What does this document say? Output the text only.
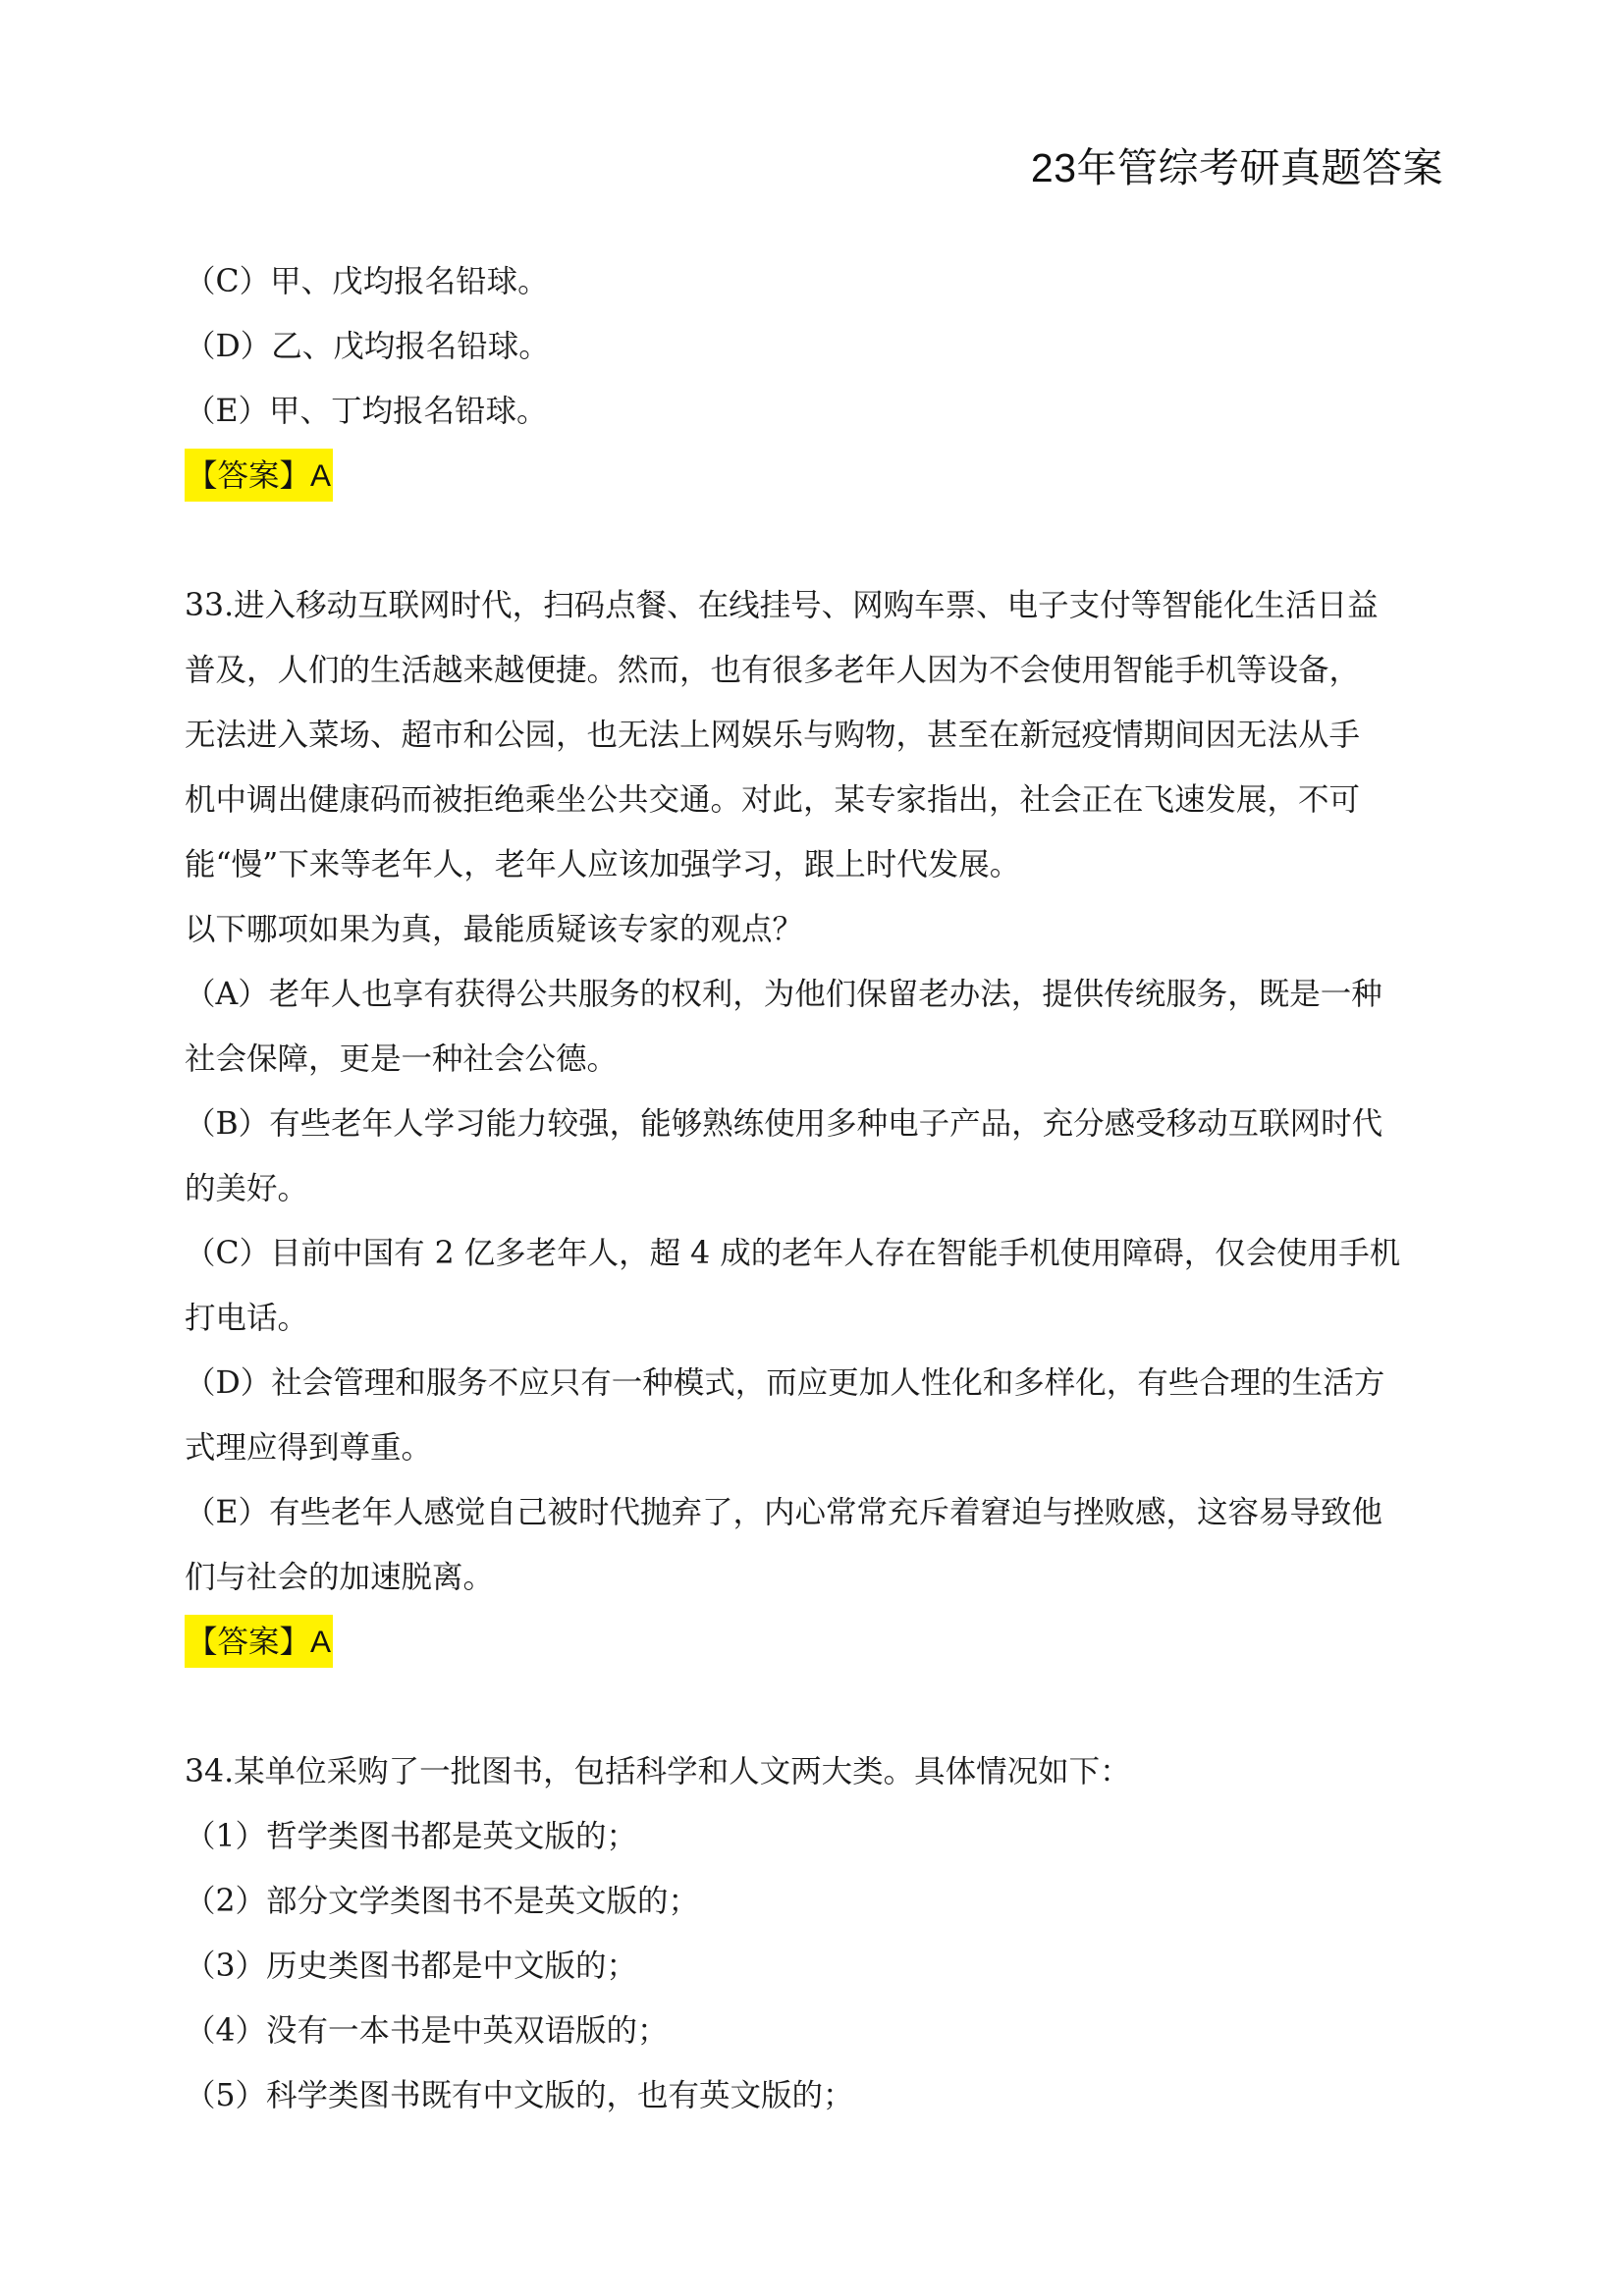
23年管综考研真题答案
（C）甲、戊均报名铅球。
（D）乙、戊均报名铅球。
（E）甲、丁均报名铅球。
【答案】A
33.进入移动互联网时代，扫码点餐、在线挂号、网购车票、电子支付等智能化生活日益
普及，人们的生活越来越便捷。然而，也有很多老年人因为不会使用智能手机等设备，
无法进入菜场、超市和公园，也无法上网娱乐与购物，甚至在新冠疫情期间因无法从手
机中调出健康码而被拒绝乘坐公共交通。对此，某专家指出，社会正在飞速发展，不可
能“慢”下来等老年人，老年人应该加强学习，跟上时代发展。
以下哪项如果为真，最能质疑该专家的观点？
（A）老年人也享有获得公共服务的权利，为他们保留老办法，提供传统服务，既是一种
社会保障，更是一种社会公德。
（B）有些老年人学习能力较强，能够熟练使用多种电子产品，充分感受移动互联网时代
的美好。
（C）目前中国有 2 亿多老年人，超 4 成的老年人存在智能手机使用障碍，仅会使用手机
打电话。
（D）社会管理和服务不应只有一种模式，而应更加人性化和多样化，有些合理的生活方
式理应得到尊重。
（E）有些老年人感觉自己被时代抛弃了，内心常常充斥着窘迫与挫败感，这容易导致他
们与社会的加速脱离。
【答案】A
34.某单位采购了一批图书，包括科学和人文两大类。具体情况如下：
（1）哲学类图书都是英文版的；
（2）部分文学类图书不是英文版的；
（3）历史类图书都是中文版的；
（4）没有一本书是中英双语版的；
（5）科学类图书既有中文版的，也有英文版的；
